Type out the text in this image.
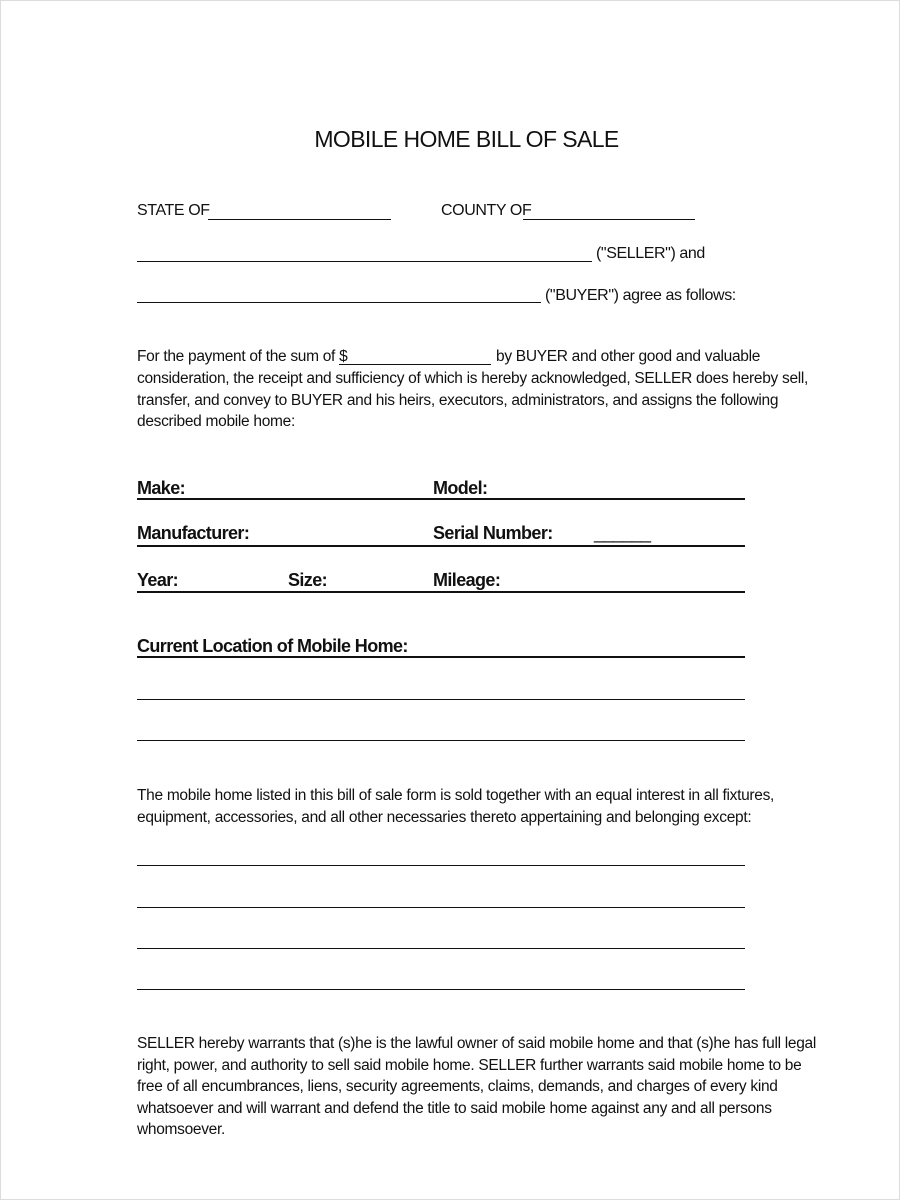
MOBILE HOME BILL OF SALE
STATE OF	COUNTY OF
("SELLER") and
("BUYER") agree as follows:
For the payment of the sum of $	by BUYER and other good and valuable

consideration, the receipt and sufficiency of which is hereby acknowledged, SELLER does hereby sell,

transfer, and convey to BUYER and his heirs, executors, administrators, and assigns the following

described mobile home:

Make:	Model:
Manufacturer:	Serial Number: ______
Year:	Size:	Mileage:
Current Location of Mobile Home:

The mobile home listed in this bill of sale form is sold together with an equal interest in all fixtures,

equipment, accessories, and all other necessaries thereto appertaining and belonging except:

SELLER hereby warrants that (s)he is the lawful owner of said mobile home and that (s)he has full legal

right, power, and authority to sell said mobile home. SELLER further warrants said mobile home to be

free of all encumbrances, liens, security agreements, claims, demands, and charges of every kind

whatsoever and will warrant and defend the title to said mobile home against any and all persons

whomsoever.
